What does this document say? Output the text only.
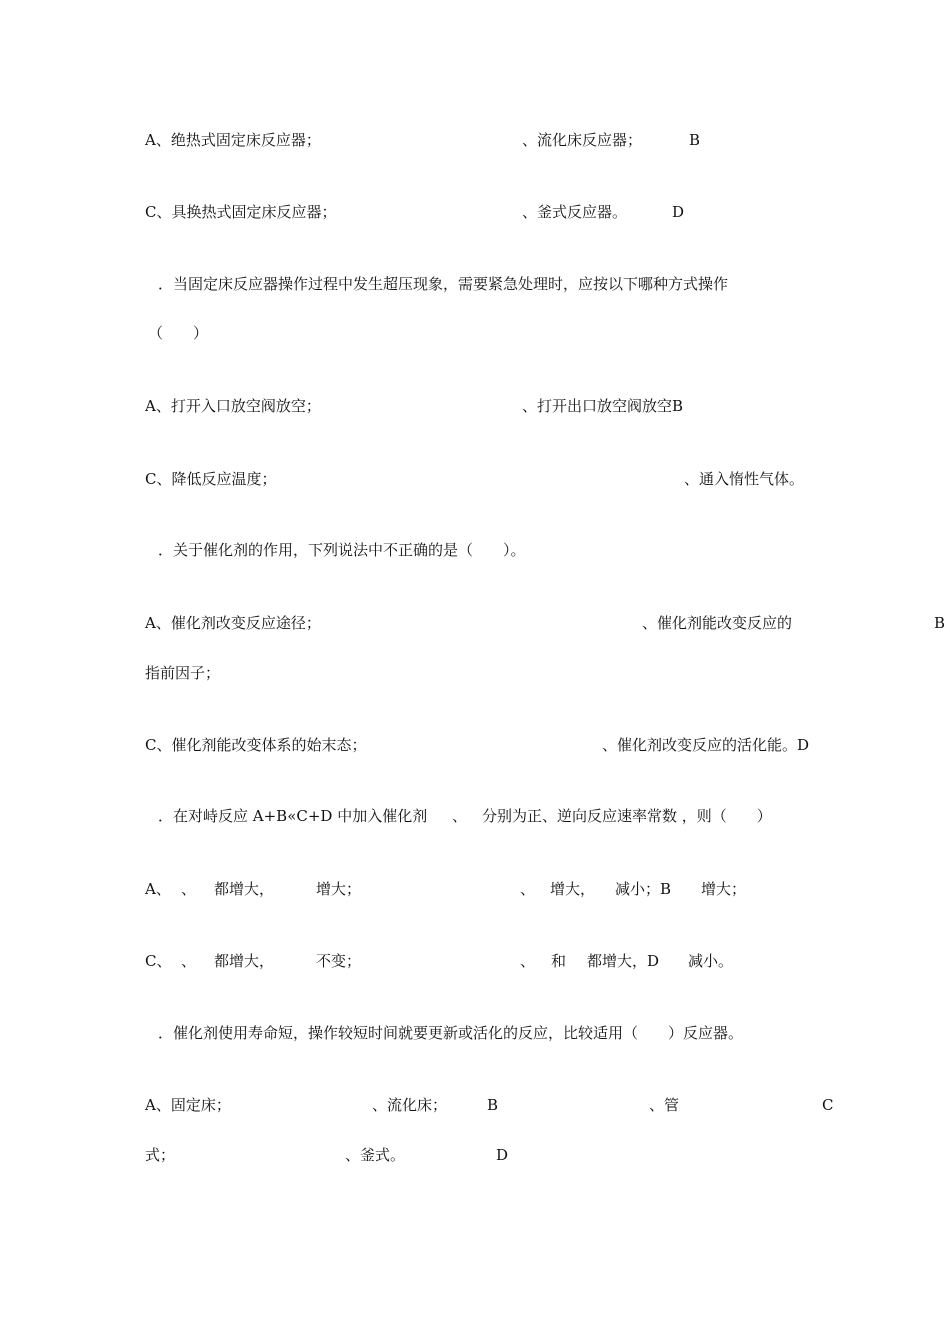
A、绝热式固定床反应器；	、流化床反应器；	B
C、具换热式固定床反应器；	、釜式反应器。	D
．当固定床反应器操作过程中发生超压现象，需要紧急处理时，应按以下哪种方式操作
（　　）
A、打开入口放空阀放空；	、打开出口放空阀放空B
C、降低反应温度；	、通入惰性气体。
．关于催化剂的作用，下列说法中不正确的是（　　）。
A、催化剂改变反应途径；	、催化剂能改变反应的	B
指前因子；
C、催化剂能改变体系的始末态；	、催化剂改变反应的活化能。D
．在对峙反应 A+B«C+D 中加入催化剂 、 分别为正、逆向反应速率常数 ，则（　　）
A、 、 都增大，	增大；	、 增大， 减小；B 增大；
C、 、 都增大，	不变；	、 和 都增大，D 减小。
．催化剂使用寿命短，操作较短时间就要更新或活化的反应，比较适用（　　）反应器。
A、固定床；	、流化床；	B	、管	C
式；	、釜式。	D
